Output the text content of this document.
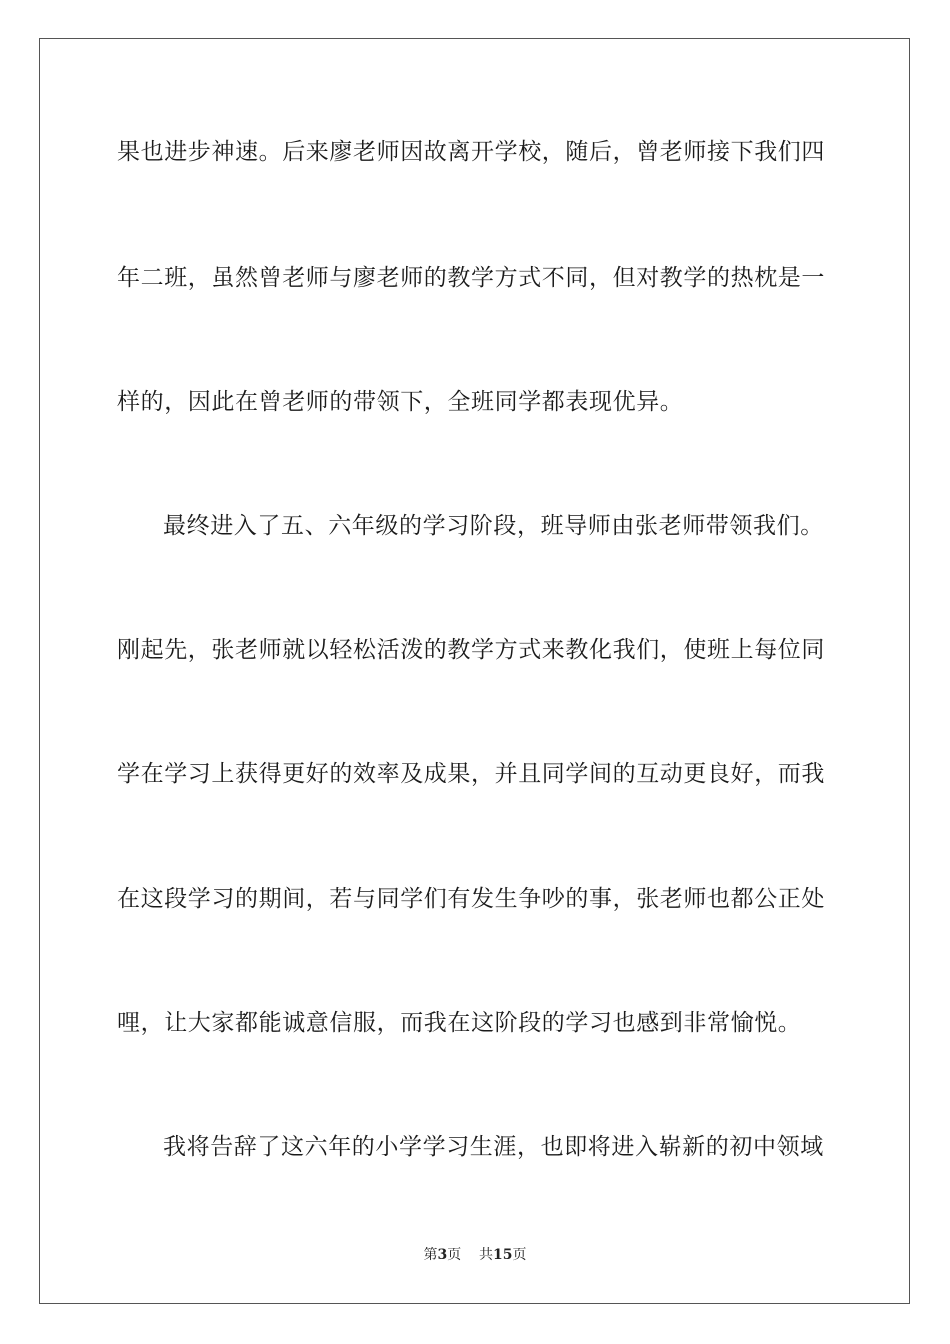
果也进步神速。后来廖老师因故离开学校，随后，曾老师接下我们四
年二班，虽然曾老师与廖老师的教学方式不同，但对教学的热枕是一
样的，因此在曾老师的带领下，全班同学都表现优异。
最终进入了五、六年级的学习阶段，班导师由张老师带领我们。
刚起先，张老师就以轻松活泼的教学方式来教化我们，使班上每位同
学在学习上获得更好的效率及成果，并且同学间的互动更良好，而我
在这段学习的期间，若与同学们有发生争吵的事，张老师也都公正处
哩，让大家都能诚意信服，而我在这阶段的学习也感到非常愉悦。
我将告辞了这六年的小学学习生涯，也即将进入崭新的初中领域
第3页 共15页
